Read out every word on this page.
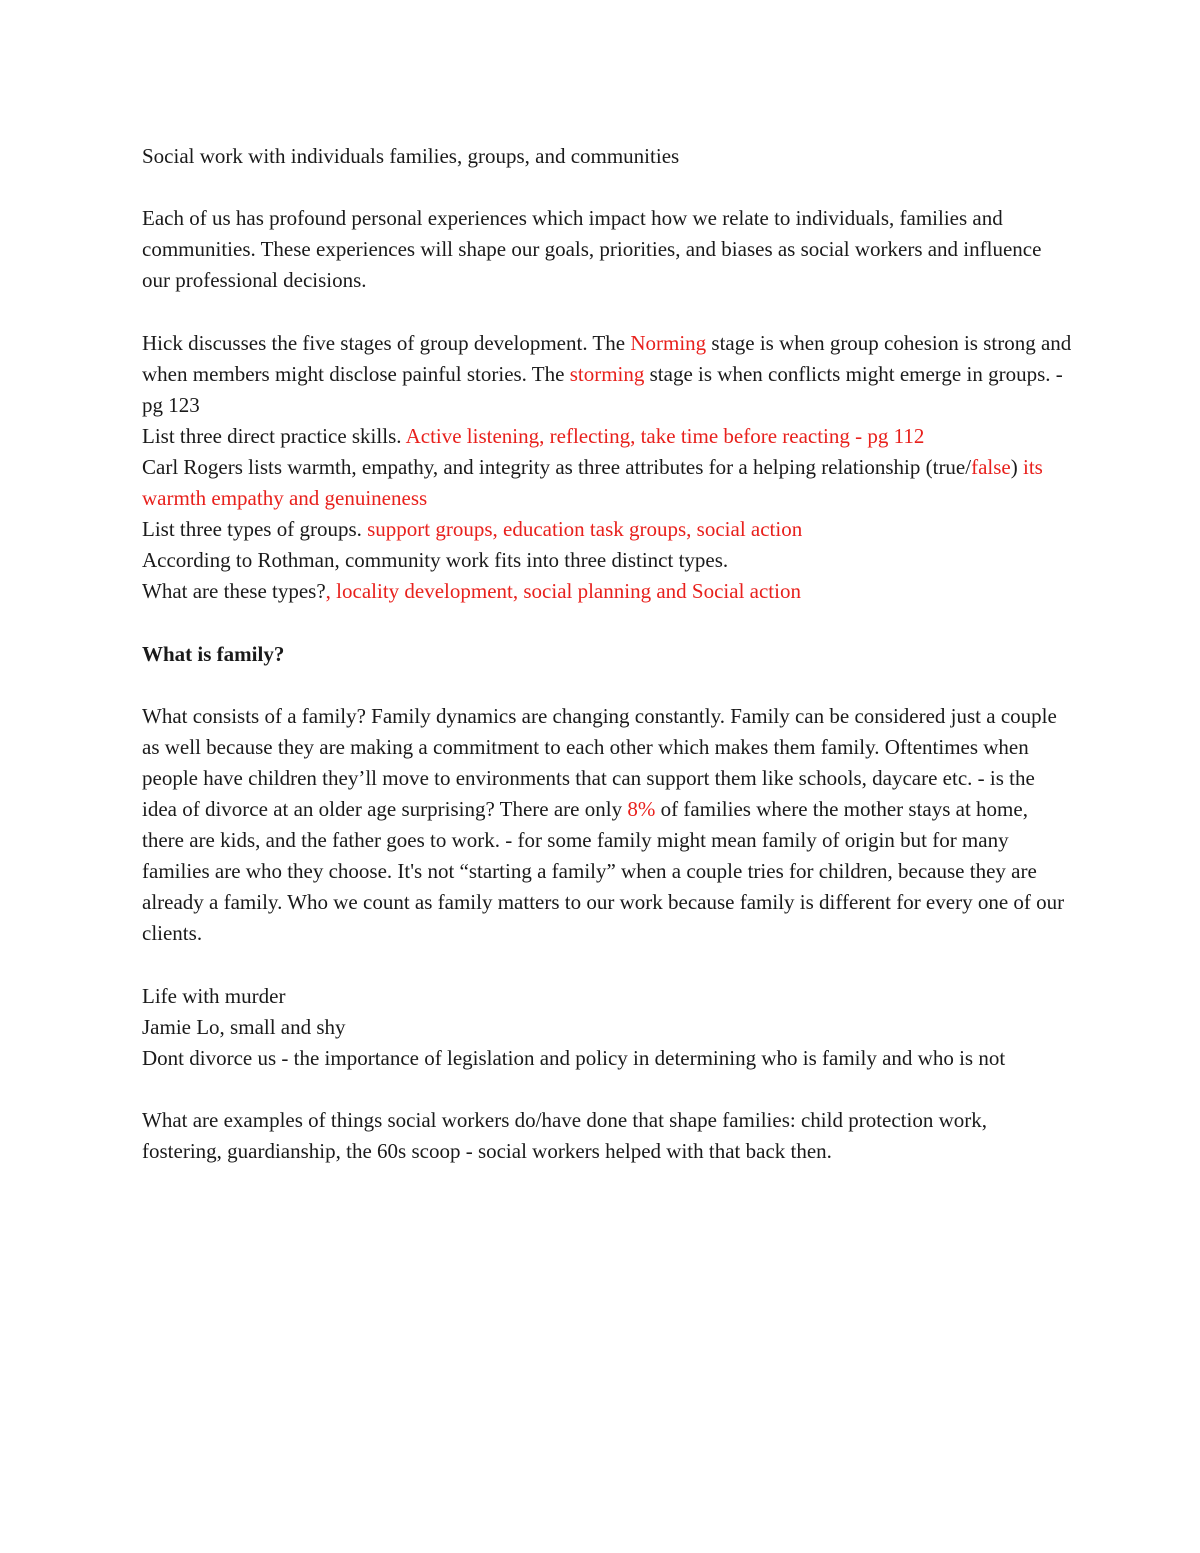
Social work with individuals families, groups, and communities

Each of us has profound personal experiences which impact how we relate to individuals, families and communities. These experiences will shape our goals, priorities, and biases as social workers and influence our professional decisions.

Hick discusses the five stages of group development. The Norming stage is when group cohesion is strong and when members might disclose painful stories. The storming stage is when conflicts might emerge in groups. - pg 123

List three direct practice skills. Active listening, reflecting, take time before reacting - pg 112

Carl Rogers lists warmth, empathy, and integrity as three attributes for a helping relationship (true/false) its warmth empathy and genuineness

List three types of groups. support groups, education task groups, social action

According to Rothman, community work fits into three distinct types.

What are these types?, locality development, social planning and Social action

What is family?

What consists of a family? Family dynamics are changing constantly. Family can be considered just a couple as well because they are making a commitment to each other which makes them family. Oftentimes when people have children they’ll move to environments that can support them like schools, daycare etc. - is the idea of divorce at an older age surprising? There are only 8% of families where the mother stays at home, there are kids, and the father goes to work. - for some family might mean family of origin but for many families are who they choose. It's not “starting a family” when a couple tries for children, because they are already a family. Who we count as family matters to our work because family is different for every one of our clients.

Life with murder

Jamie Lo, small and shy

Dont divorce us - the importance of legislation and policy in determining who is family and who is not

What are examples of things social workers do/have done that shape families: child protection work, fostering, guardianship, the 60s scoop - social workers helped with that back then.
